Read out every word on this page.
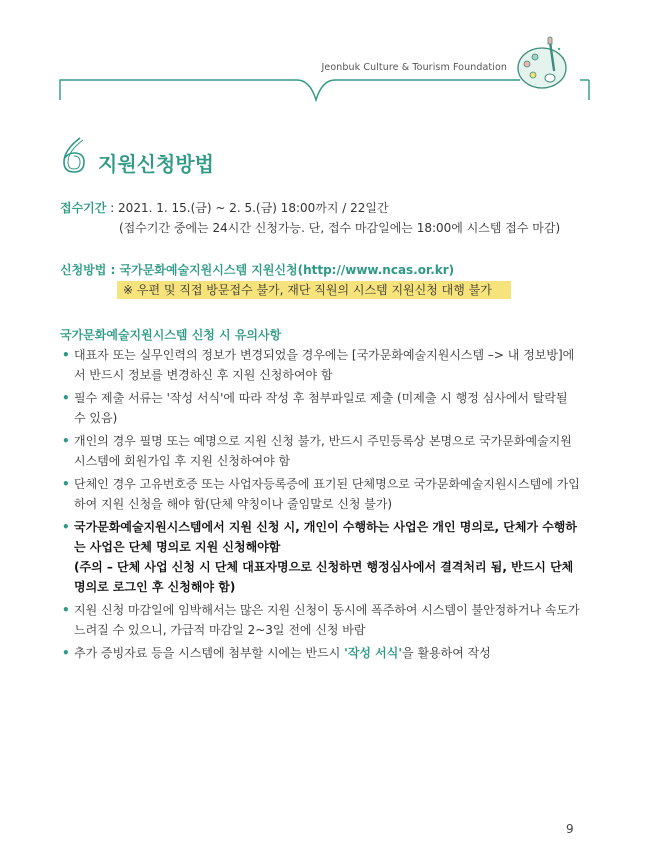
Jeonbuk Culture & Tourism Foundation
지원신청방법
접수기간 : 2021. 1. 15.(금) ~ 2. 5.(금) 18:00까지 / 22일간
(접수기간 중에는 24시간 신청가능. 단, 접수 마감일에는 18:00에 시스템 접수 마감)
신청방법 : 국가문화예술지원시스템 지원신청(http://www.ncas.or.kr)
※ 우편 및 직접 방문접수 불가, 재단 직원의 시스템 지원신청 대행 불가
국가문화예술지원시스템 신청 시 유의사항
• 대표자 또는 실무인력의 정보가 변경되었을 경우에는 [국가문화예술지원시스템 –> 내 정보방]에서 반드시 정보를 변경하신 후 지원 신청하여야 함
• 필수 제출 서류는 '작성 서식'에 따라 작성 후 첨부파일로 제출 (미제출 시 행정 심사에서 탈락될 수 있음)
• 개인의 경우 필명 또는 예명으로 지원 신청 불가, 반드시 주민등록상 본명으로 국가문화예술지원시스템에 회원가입 후 지원 신청하여야 함
• 단체인 경우 고유번호증 또는 사업자등록증에 표기된 단체명으로 국가문화예술지원시스템에 가입하여 지원 신청을 해야 함(단체 약칭이나 줄임말로 신청 불가)
• 국가문화예술지원시스템에서 지원 신청 시, 개인이 수행하는 사업은 개인 명의로, 단체가 수행하는 사업은 단체 명의로 지원 신청해야함
(주의 – 단체 사업 신청 시 단체 대표자명으로 신청하면 행정심사에서 결격처리 됨, 반드시 단체 명의로 로그인 후 신청해야 함)
• 지원 신청 마감일에 임박해서는 많은 지원 신청이 동시에 폭주하여 시스템이 불안정하거나 속도가 느려질 수 있으니, 가급적 마감일 2~3일 전에 신청 바람
• 추가 증빙자료 등을 시스템에 첨부할 시에는 반드시 '작성 서식'을 활용하여 작성
9
